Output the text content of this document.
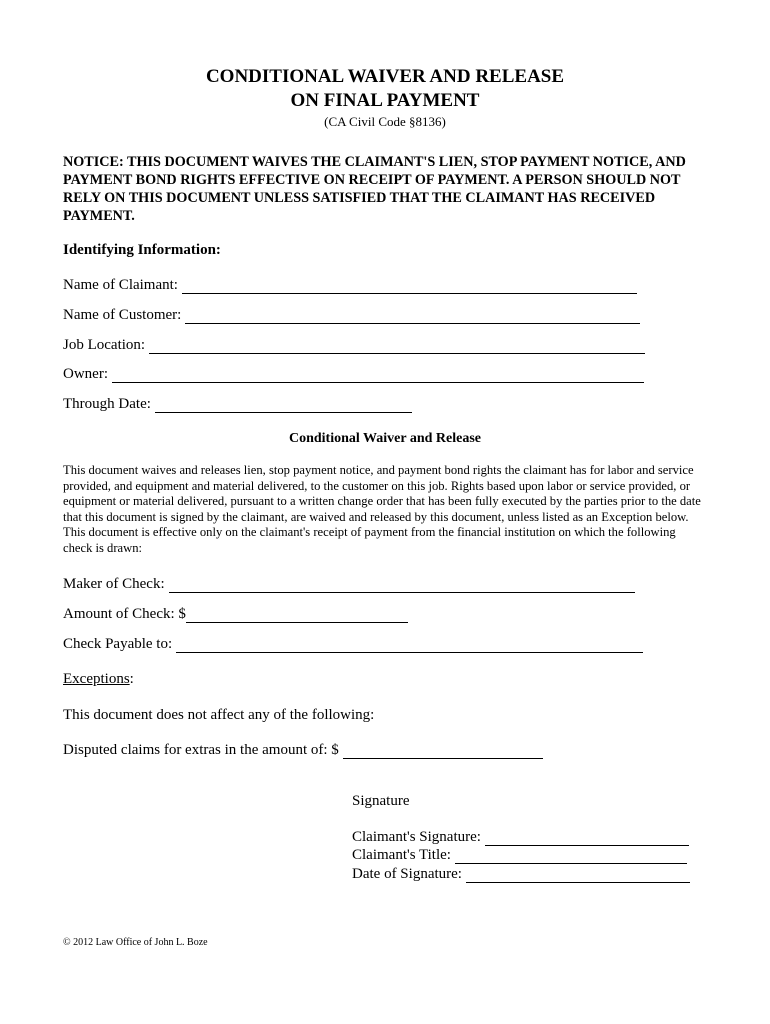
CONDITIONAL WAIVER AND RELEASE
ON FINAL PAYMENT
(CA Civil Code §8136)
NOTICE: THIS DOCUMENT WAIVES THE CLAIMANT'S LIEN, STOP PAYMENT NOTICE, AND PAYMENT BOND RIGHTS EFFECTIVE ON RECEIPT OF PAYMENT. A PERSON SHOULD NOT RELY ON THIS DOCUMENT UNLESS SATISFIED THAT THE CLAIMANT HAS RECEIVED PAYMENT.
Identifying Information:
Name of Claimant:
Name of Customer:
Job Location:
Owner:
Through Date:
Conditional Waiver and Release
This document waives and releases lien, stop payment notice, and payment bond rights the claimant has for labor and service provided, and equipment and material delivered, to the customer on this job. Rights based upon labor or service provided, or equipment or material delivered, pursuant to a written change order that has been fully executed by the parties prior to the date that this document is signed by the claimant, are waived and released by this document, unless listed as an Exception below. This document is effective only on the claimant's receipt of payment from the financial institution on which the following check is drawn:
Maker of Check:
Amount of Check: $
Check Payable to:
Exceptions:
This document does not affect any of the following:
Disputed claims for extras in the amount of: $
Signature
Claimant's Signature:
Claimant's Title:
Date of Signature:
© 2012 Law Office of John L. Boze
